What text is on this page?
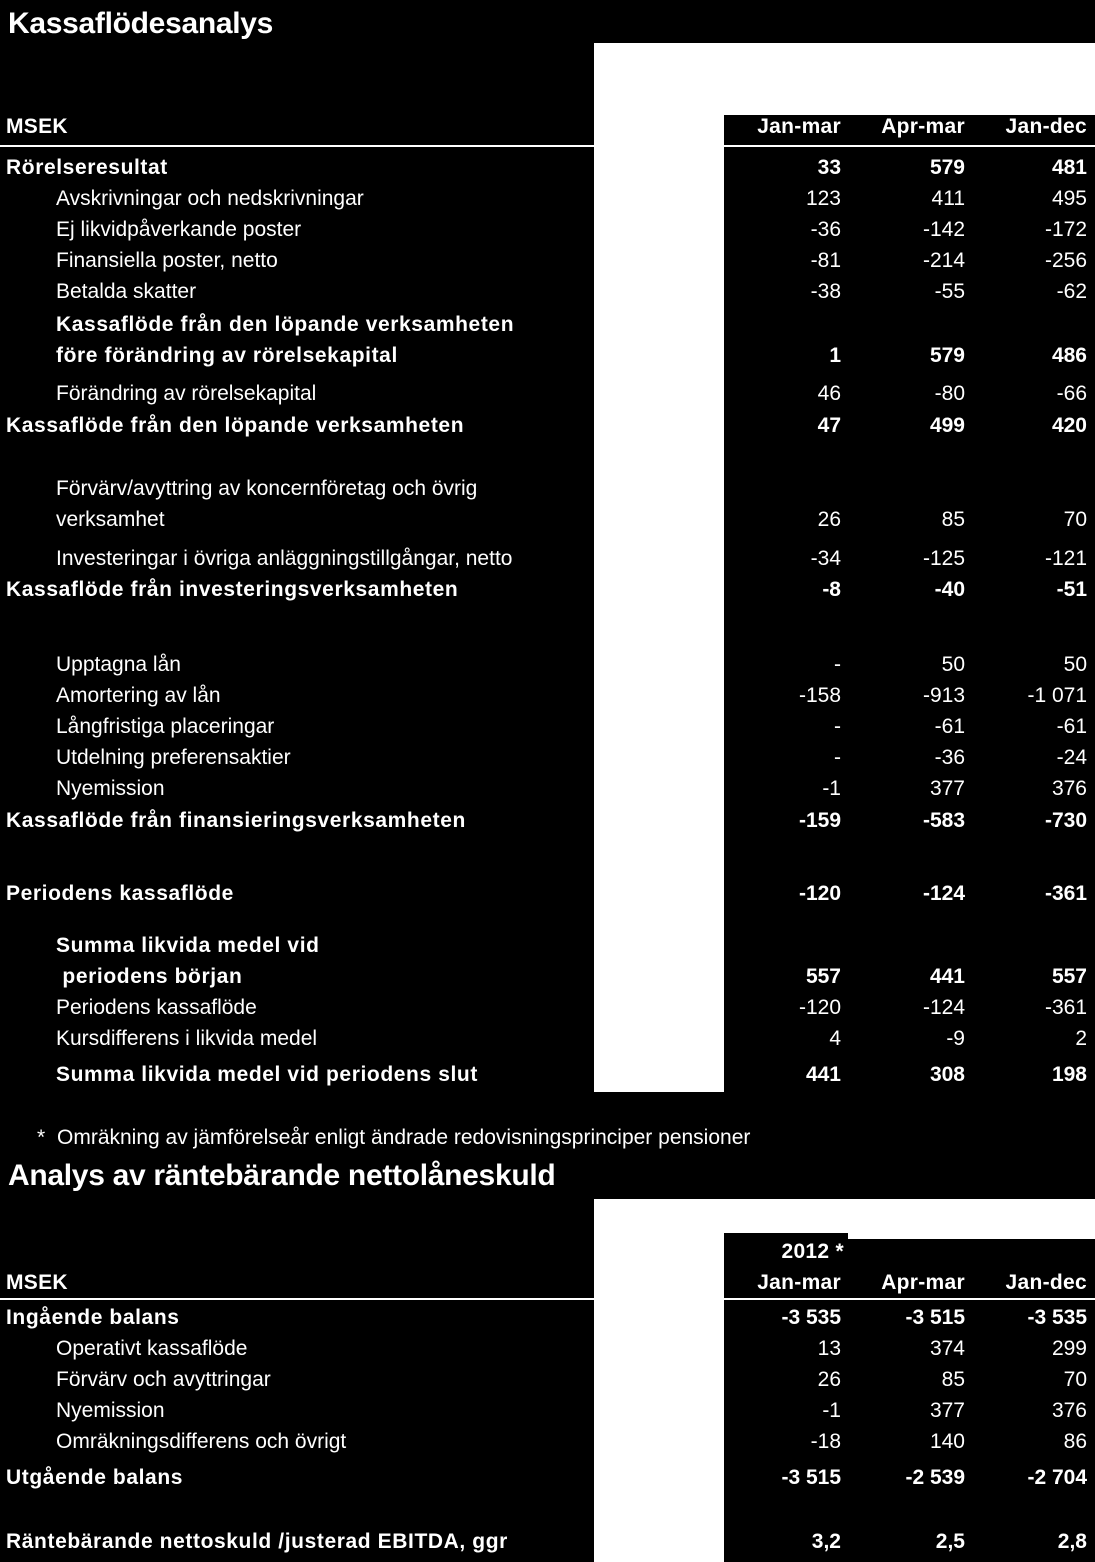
Kassaflödesanalys
MSEK	Jan-mar Apr-mar Jan-dec
Rörelseresultat	33	579	481
Avskrivningar och nedskrivningar	123	411	495
Ej likvidpåverkande poster	-36	-142	-172
Finansiella poster, netto	-81	-214	-256
Betalda skatter	-38	-55	-62
Kassaflöde från den löpande verksamheten
före förändring av rörelsekapital	1	579	486
Förändring av rörelsekapital	46	-80	-66
Kassaflöde från den löpande verksamheten	47	499	420
Förvärv/avyttring av koncernföretag och övrig
verksamhet	26	85	70
Investeringar i övriga anläggningstillgångar, netto	-34	-125	-121
Kassaflöde från investeringsverksamheten	-8	-40	-51
Upptagna lån	-	50	50
Amortering av lån	-158	-913	-1 071
Långfristiga placeringar	-	-61	-61
Utdelning preferensaktier	-	-36	-24
Nyemission	-1	377	376
Kassaflöde från finansieringsverksamheten	-159	-583	-730
Periodens kassaflöde	-120	-124	-361
Summa likvida medel vid
periodens början	557	441	557
Periodens kassaflöde	-120	-124	-361
Kursdifferens i likvida medel	4	-9	2
Summa likvida medel vid periodens slut	441	308	198
* Omräkning av jämförelseår enligt ändrade redovisningsprinciper pensioner
Analys av räntebärande nettolåneskuld
2012 *
MSEK	Jan-mar Apr-mar Jan-dec
Ingående balans	-3 535	-3 515	-3 535
Operativt kassaflöde	13	374	299
Förvärv och avyttringar	26	85	70
Nyemission	-1	377	376
Omräkningsdifferens och övrigt	-18	140	86
Utgående balans	-3 515	-2 539	-2 704
Räntebärande nettoskuld /justerad EBITDA, ggr	3,2	2,5	2,8
